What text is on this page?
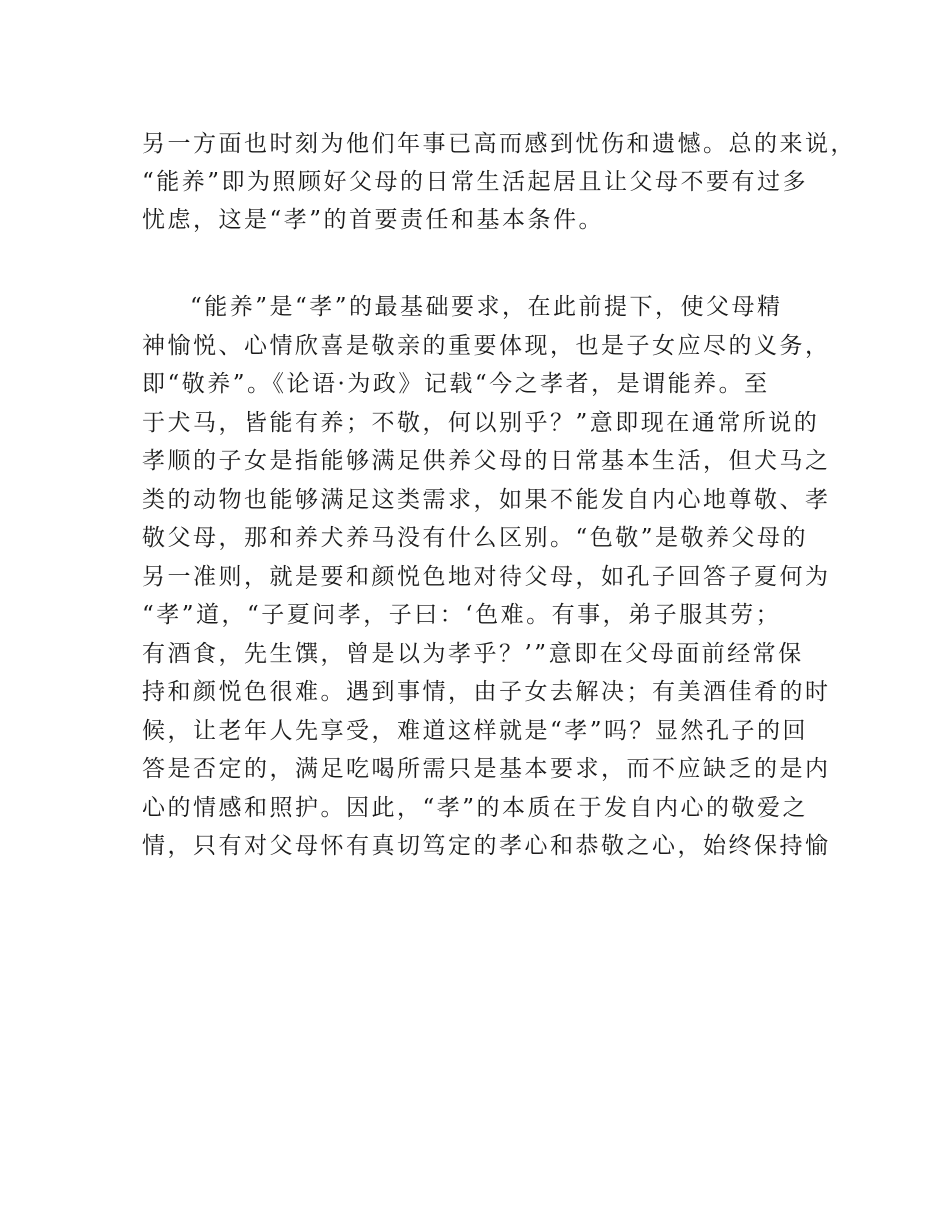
另一方面也时刻为他们年事已高而感到忧伤和遗憾。总的来说，
“能养”即为照顾好父母的日常生活起居且让父母不要有过多
忧虑，这是“孝”的首要责任和基本条件。
“能养”是“孝”的最基础要求，在此前提下，使父母精
神愉悦、心情欣喜是敬亲的重要体现，也是子女应尽的义务，
即“敬养”。《论语·为政》记载“今之孝者，是谓能养。至
于犬马，皆能有养；不敬，何以别乎？”意即现在通常所说的
孝顺的子女是指能够满足供养父母的日常基本生活，但犬马之
类的动物也能够满足这类需求，如果不能发自内心地尊敬、孝
敬父母，那和养犬养马没有什么区别。“色敬”是敬养父母的
另一准则，就是要和颜悦色地对待父母，如孔子回答子夏何为
“孝”道，“子夏问孝，子曰：‘色难。有事，弟子服其劳；
有酒食，先生馔，曾是以为孝乎？’”意即在父母面前经常保
持和颜悦色很难。遇到事情，由子女去解决；有美酒佳肴的时
候，让老年人先享受，难道这样就是“孝”吗？显然孔子的回
答是否定的，满足吃喝所需只是基本要求，而不应缺乏的是内
心的情感和照护。因此，“孝”的本质在于发自内心的敬爱之
情，只有对父母怀有真切笃定的孝心和恭敬之心，始终保持愉
